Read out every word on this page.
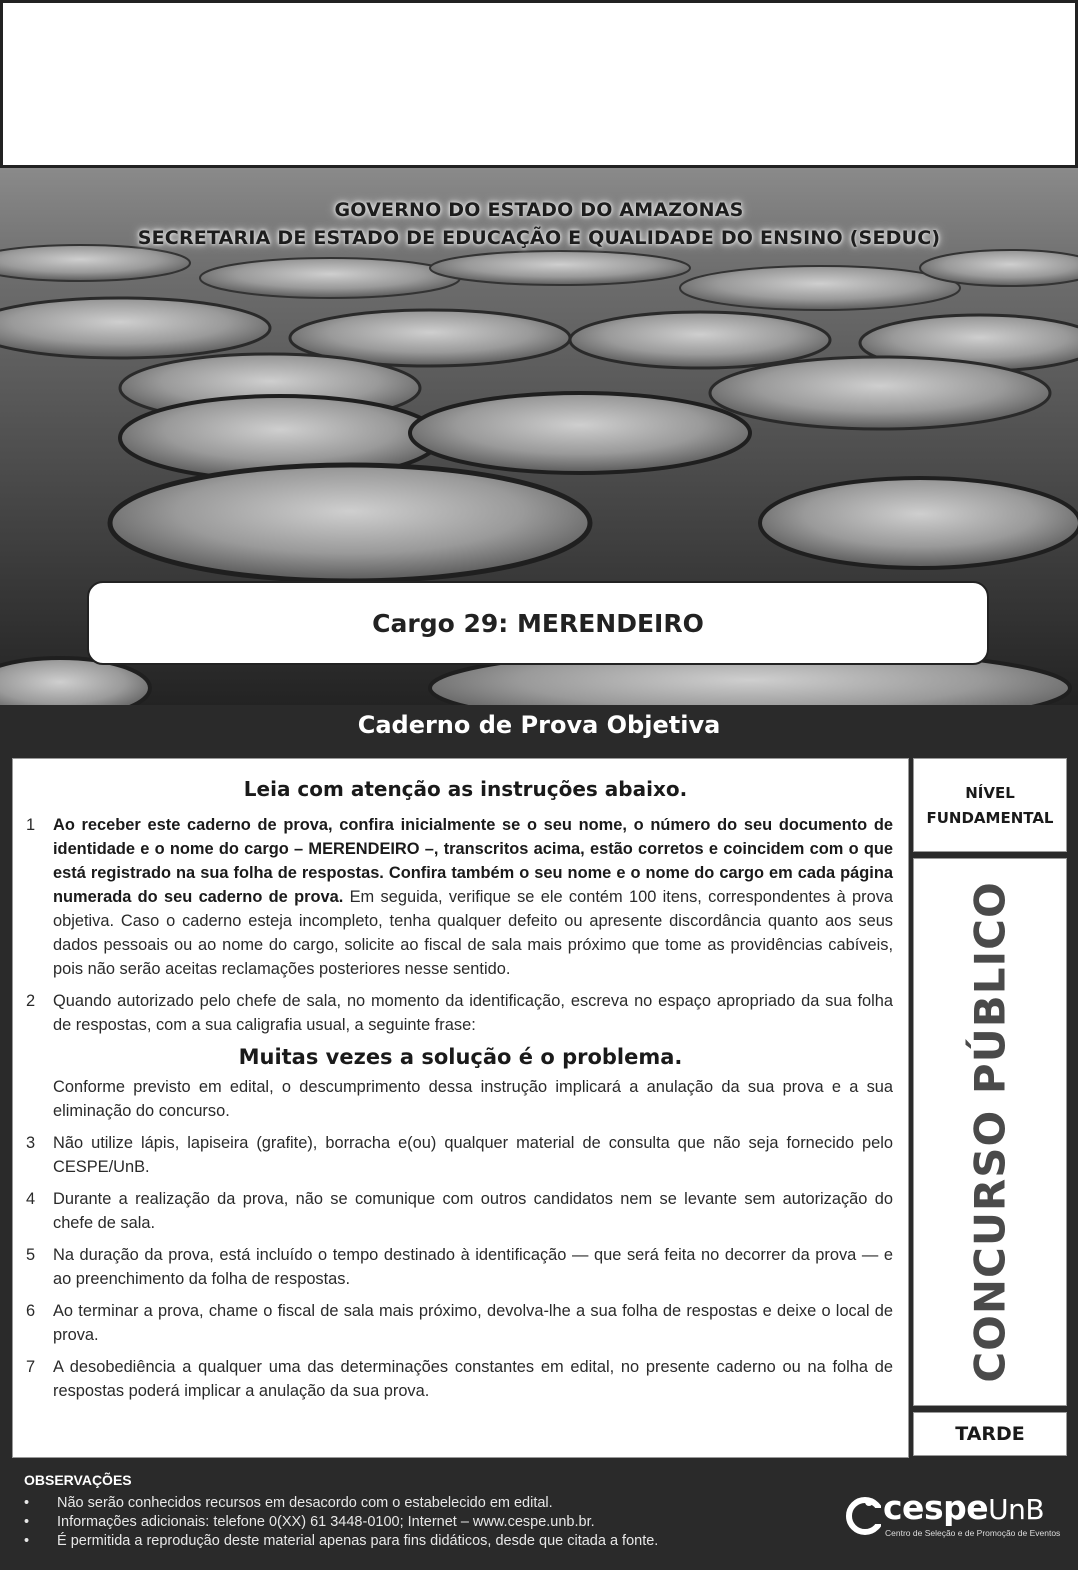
GOVERNO DO ESTADO DO AMAZONAS
SECRETARIA DE ESTADO DE EDUCAÇÃO E QUALIDADE DO ENSINO (SEDUC)
Cargo 29: MERENDEIRO
Caderno de Prova Objetiva
Leia com atenção as instruções abaixo.
1	Ao receber este caderno de prova, confira inicialmente se o seu nome, o número do seu documento de identidade e o nome do cargo – MERENDEIRO –, transcritos acima, estão corretos e coincidem com o que está registrado na sua folha de respostas. Confira também o seu nome e o nome do cargo em cada página numerada do seu caderno de prova. Em seguida, verifique se ele contém 100 itens, correspondentes à prova objetiva. Caso o caderno esteja incompleto, tenha qualquer defeito ou apresente discordância quanto aos seus dados pessoais ou ao nome do cargo, solicite ao fiscal de sala mais próximo que tome as providências cabíveis, pois não serão aceitas reclamações posteriores nesse sentido.
2	Quando autorizado pelo chefe de sala, no momento da identificação, escreva no espaço apropriado da sua folha de respostas, com a sua caligrafia usual, a seguinte frase:
Muitas vezes a solução é o problema.
Conforme previsto em edital, o descumprimento dessa instrução implicará a anulação da sua prova e a sua eliminação do concurso.
3	Não utilize lápis, lapiseira (grafite), borracha e(ou) qualquer material de consulta que não seja fornecido pelo CESPE/UnB.
4	Durante a realização da prova, não se comunique com outros candidatos nem se levante sem autorização do chefe de sala.
5	Na duração da prova, está incluído o tempo destinado à identificação — que será feita no decorrer da prova — e ao preenchimento da folha de respostas.
6	Ao terminar a prova, chame o fiscal de sala mais próximo, devolva-lhe a sua folha de respostas e deixe o local de prova.
7	A desobediência a qualquer uma das determinações constantes em edital, no presente caderno ou na folha de respostas poderá implicar a anulação da sua prova.
NÍVEL
FUNDAMENTAL
CONCURSO PÚBLICO
TARDE
OBSERVAÇÕES
•	Não serão conhecidos recursos em desacordo com o estabelecido em edital.
•	Informações adicionais: telefone 0(XX) 61 3448-0100; Internet – www.cespe.unb.br.
•	É permitida a reprodução deste material apenas para fins didáticos, desde que citada a fonte.
cespeUnB
Centro de Seleção e de Promoção de Eventos
